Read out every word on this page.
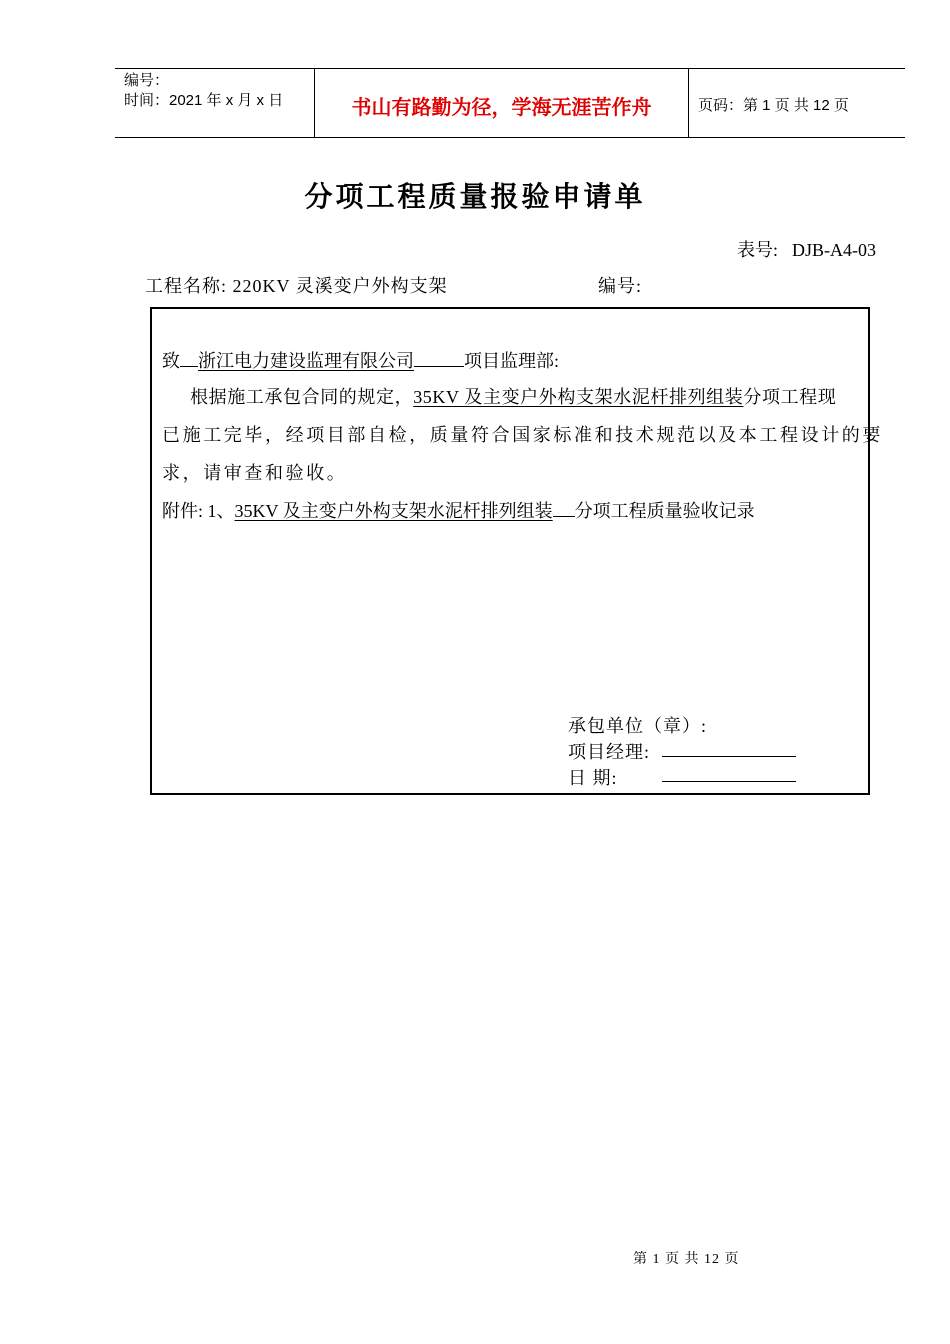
编号：
时间：2021 年 x 月 x 日	书山有路勤为径，学海无涯苦作舟	页码：第 1 页 共 12 页
分项工程质量报验申请单
表号: DJB-A4-03
工程名称: 220KV 灵溪变户外构支架	编号:
致 浙江电力建设监理有限公司	项目监理部:
根据施工承包合同的规定，35KV 及主变户外构支架水泥杆排列组装分项工程现
已施工完毕，经项目部自检，质量符合国家标准和技术规范以及本工程设计的要
求，请审查和验收。
附件: 1、35KV 及主变户外构支架水泥杆排列组装 分项工程质量验收记录
承包单位（章）:
项目经理:
日 期:
第 1 页 共 12 页
